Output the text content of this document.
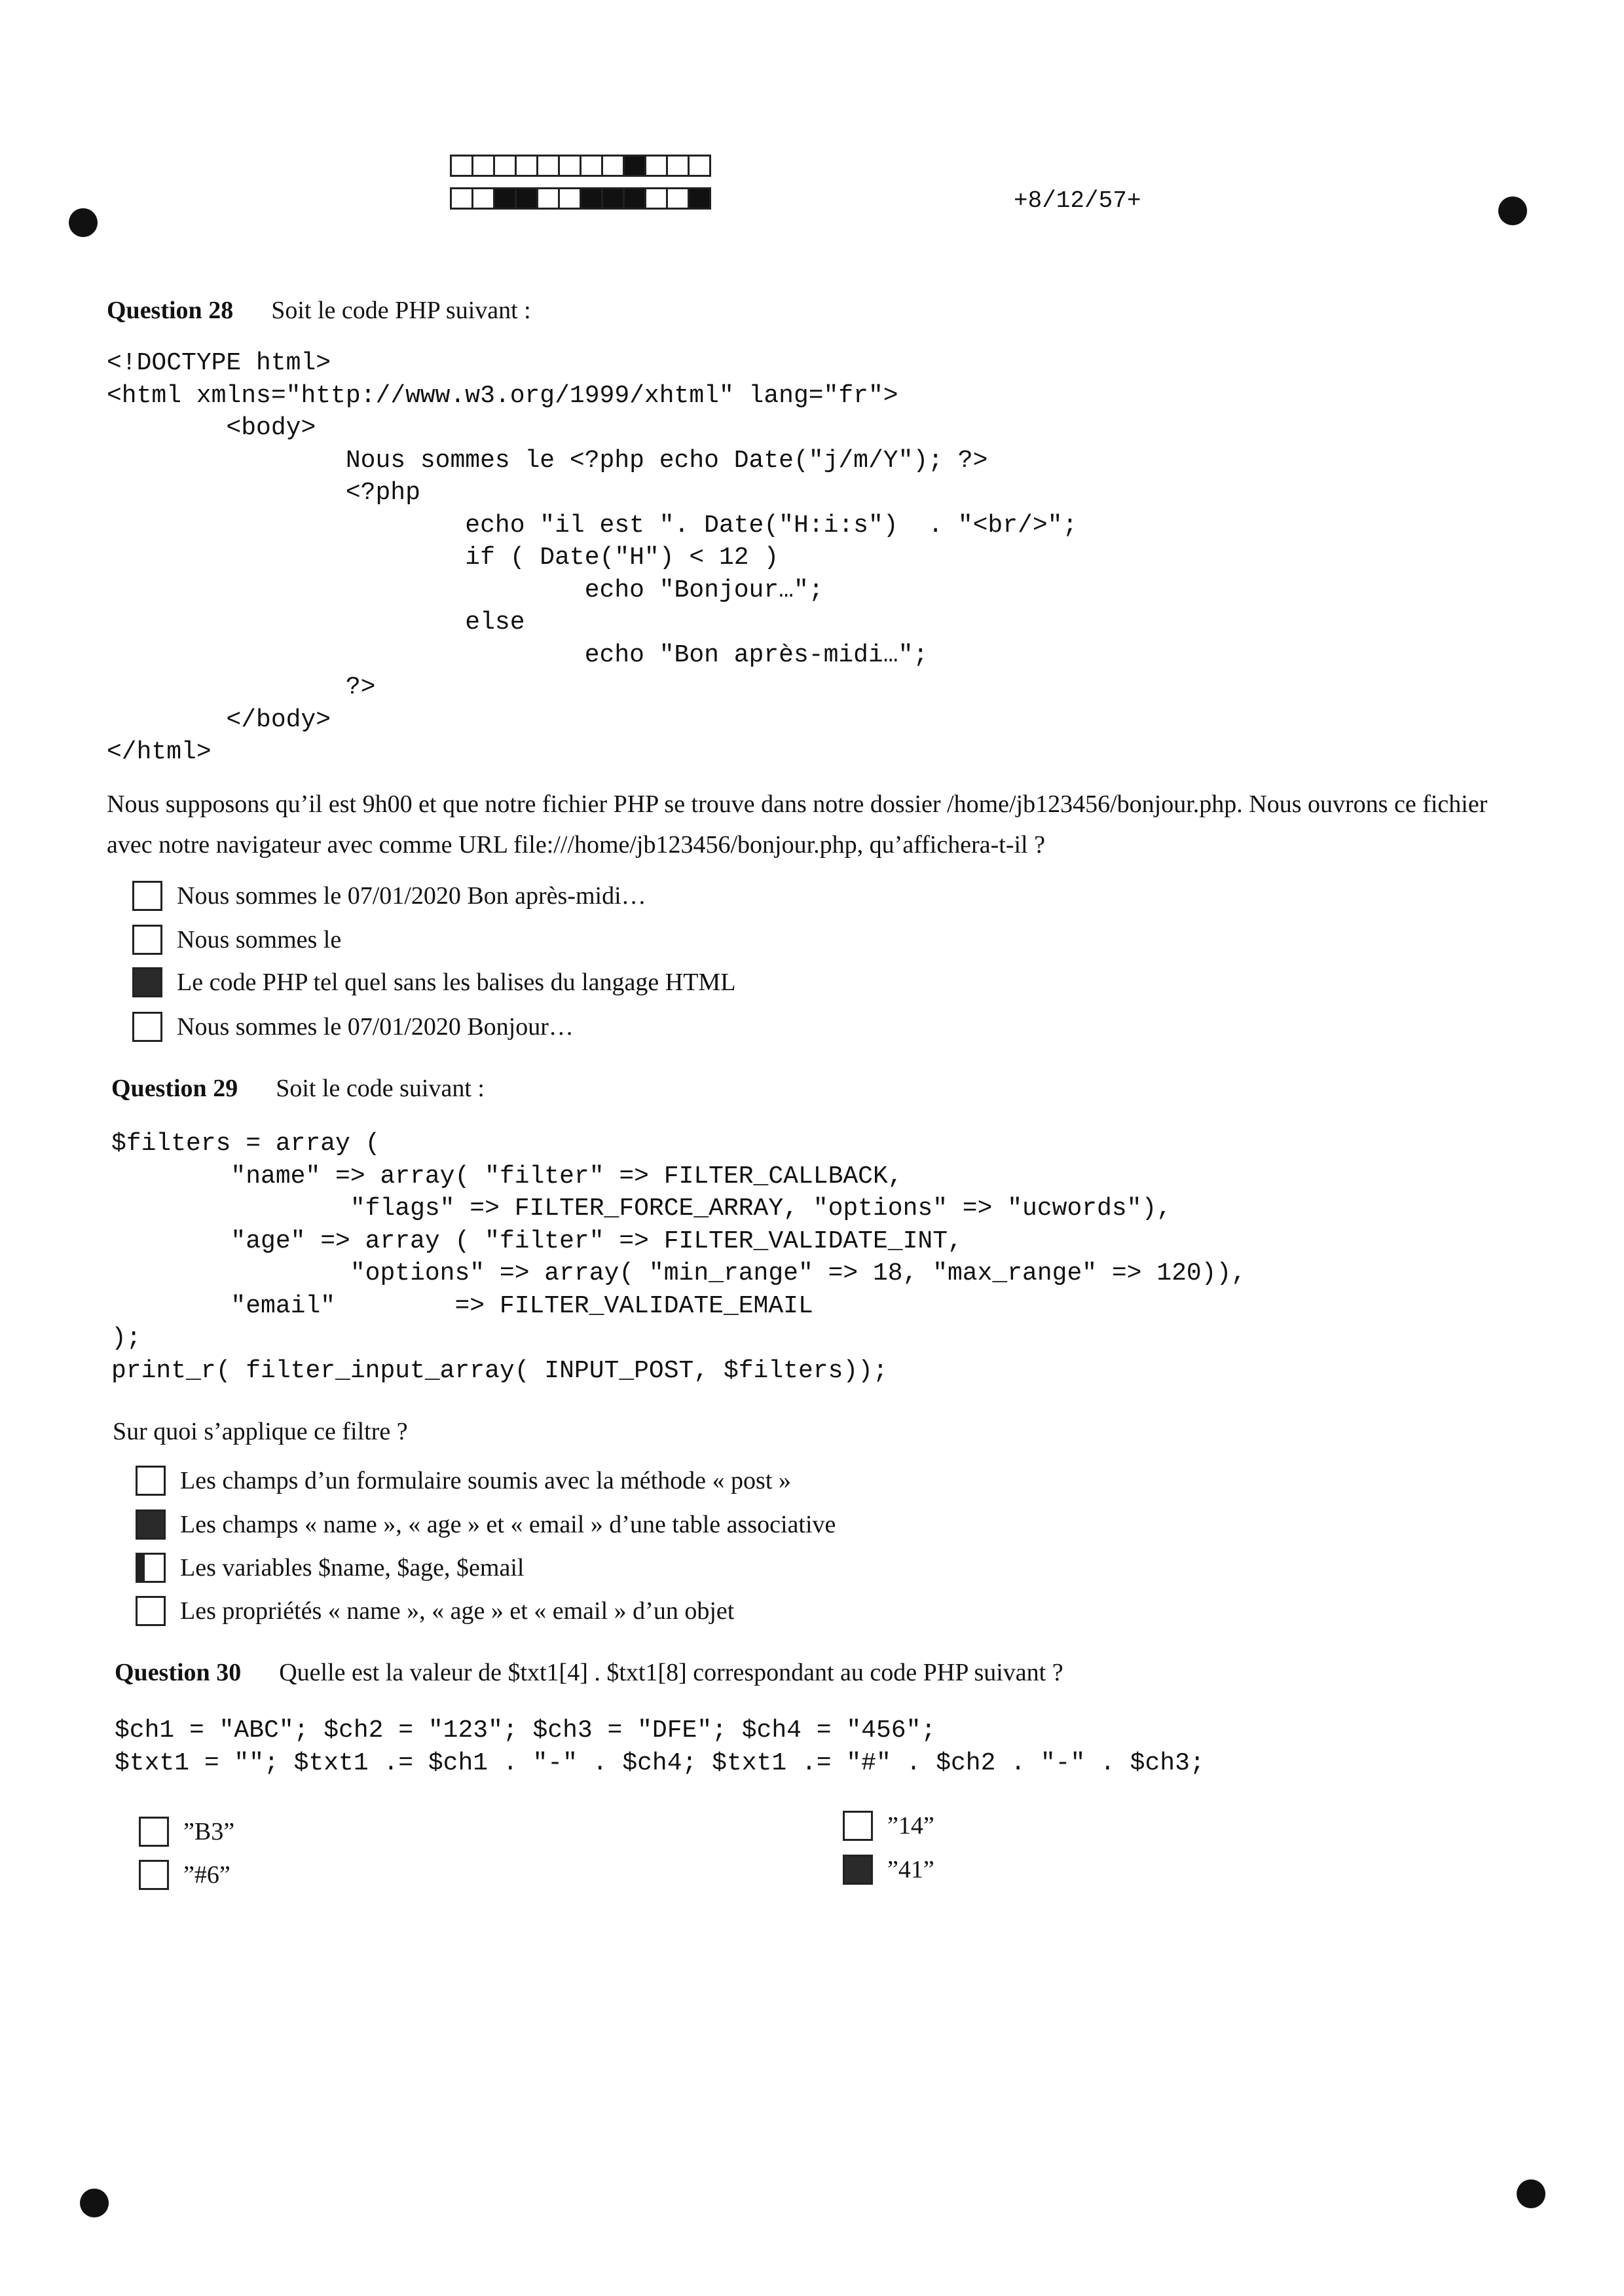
+8/12/57+
Question 28 Soit le code PHP suivant :
<!DOCTYPE html>
<html xmlns="http://www.w3.org/1999/xhtml" lang="fr">
<body>
Nous sommes le <?php echo Date("j/m/Y"); ?>
<?php
echo "il est ". Date("H:i:s")  . "<br/>";
if ( Date("H") < 12 )
echo "Bonjour…";
else
echo "Bon après-midi…";
?>
</body>
</html>
Nous supposons qu’il est 9h00 et que notre fichier PHP se trouve dans notre dossier /home/jb123456/bonjour.php. Nous ouvrons ce fichier avec notre navigateur avec comme URL file:///home/jb123456/bonjour.php, qu’affichera-t-il ?
Nous sommes le 07/01/2020 Bon après-midi…
Nous sommes le
Le code PHP tel quel sans les balises du langage HTML
Nous sommes le 07/01/2020 Bonjour…
Question 29 Soit le code suivant :
$filters = array (
"name" => array( "filter" => FILTER_CALLBACK,
"flags" => FILTER_FORCE_ARRAY, "options" => "ucwords"),
"age" => array ( "filter" => FILTER_VALIDATE_INT,
"options" => array( "min_range" => 18, "max_range" => 120)),
"email"        => FILTER_VALIDATE_EMAIL
);
print_r( filter_input_array( INPUT_POST, $filters));
Sur quoi s’applique ce filtre ?
Les champs d’un formulaire soumis avec la méthode « post »
Les champs « name », « age » et « email » d’une table associative
Les variables $name, $age, $email
Les propriétés « name », « age » et « email » d’un objet
Question 30 Quelle est la valeur de $txt1[4] . $txt1[8] correspondant au code PHP suivant ?
$ch1 = "ABC"; $ch2 = "123"; $ch3 = "DFE"; $ch4 = "456";
$txt1 = ""; $txt1 .= $ch1 . "-" . $ch4; $txt1 .= "#" . $ch2 . "-" . $ch3;
”B3”
”#6”
”14”
”41”
